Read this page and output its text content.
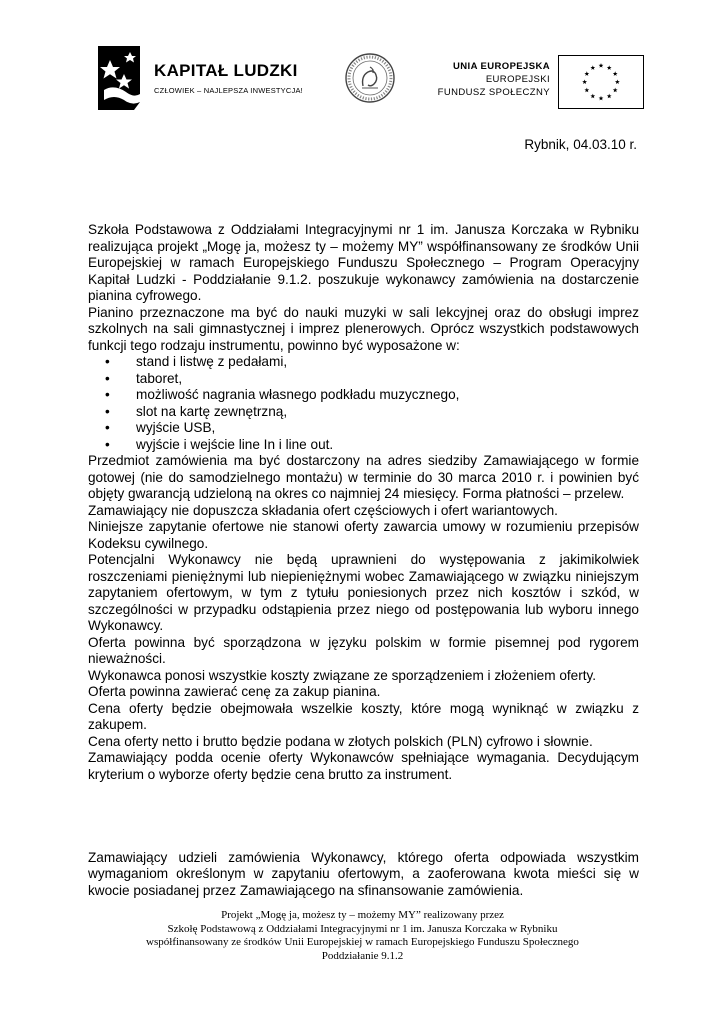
KAPITAŁ LUDZKI
CZŁOWIEK – NAJLEPSZA INWESTYCJA!
UNIA EUROPEJSKA
EUROPEJSKI
FUNDUSZ SPOŁECZNY
Rybnik, 04.03.10 r.

Szkoła Podstawowa z Oddziałami Integracyjnymi nr 1 im. Janusza Korczaka w Rybniku realizująca projekt „Mogę ja, możesz ty – możemy MY” współfinansowany ze środków Unii Europejskiej w ramach Europejskiego Funduszu Społecznego – Program Operacyjny Kapitał Ludzki - Poddziałanie 9.1.2. poszukuje wykonawcy zamówienia na dostarczenie pianina cyfrowego.

Pianino przeznaczone ma być do nauki muzyki w sali lekcyjnej oraz do obsługi imprez szkolnych na sali gimnastycznej i imprez plenerowych. Oprócz wszystkich podstawowych funkcji tego rodzaju instrumentu, powinno być wyposażone w:

• stand i listwę z pedałami,
• taboret,
• możliwość nagrania własnego podkładu muzycznego,
• slot na kartę zewnętrzną,
• wyjście USB,
• wyjście i wejście line In i line out.

Przedmiot zamówienia ma być dostarczony na adres siedziby Zamawiającego w formie gotowej (nie do samodzielnego montażu) w terminie do 30 marca 2010 r. i powinien być objęty gwarancją udzieloną na okres co najmniej 24 miesięcy. Forma płatności – przelew.

Zamawiający nie dopuszcza składania ofert częściowych i ofert wariantowych.

Niniejsze zapytanie ofertowe nie stanowi oferty zawarcia umowy w rozumieniu przepisów Kodeksu cywilnego.

Potencjalni Wykonawcy nie będą uprawnieni do występowania z jakimikolwiek roszczeniami pieniężnymi lub niepieniężnymi wobec Zamawiającego w związku niniejszym zapytaniem ofertowym, w tym z tytułu poniesionych przez nich kosztów i szkód, w szczególności w przypadku odstąpienia przez niego od postępowania lub wyboru innego Wykonawcy.

Oferta powinna być sporządzona w języku polskim w formie pisemnej pod rygorem nieważności.

Wykonawca ponosi wszystkie koszty związane ze sporządzeniem i złożeniem oferty.

Oferta powinna zawierać cenę za zakup pianina.

Cena oferty będzie obejmowała wszelkie koszty, które mogą wyniknąć w związku z zakupem.

Cena oferty netto i brutto będzie podana w złotych polskich (PLN) cyfrowo i słownie.

Zamawiający podda ocenie oferty Wykonawców spełniające wymagania. Decydującym kryterium o wyborze oferty będzie cena brutto za instrument.

Zamawiający udzieli zamówienia Wykonawcy, którego oferta odpowiada wszystkim wymaganiom określonym w zapytaniu ofertowym, a zaoferowana kwota mieści się w kwocie posiadanej przez Zamawiającego na sfinansowanie zamówienia.

Projekt „Mogę ja, możesz ty – możemy MY” realizowany przez
Szkołę Podstawową z Oddziałami Integracyjnymi nr 1 im. Janusza Korczaka w Rybniku
współfinansowany ze środków Unii Europejskiej w ramach Europejskiego Funduszu Społecznego
Poddziałanie 9.1.2
